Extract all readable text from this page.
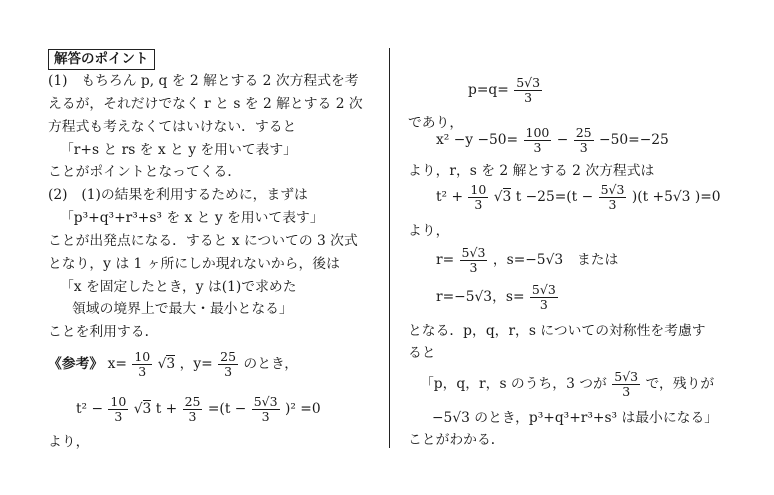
解答のポイント
(1)　もちろん p, q を 2 解とする 2 次方程式を考
えるが，それだけでなく r と s を 2 解とする 2 次
方程式も考えなくてはいけない．すると
「r+s と rs を x と y を用いて表す」
ことがポイントとなってくる．
(2)　(1)の結果を利用するために，まずは
「p³+q³+r³+s³ を x と y を用いて表す」
ことが出発点になる．すると x についての 3 次式
となり，y は 1 ヶ所にしか現れないから，後は
「x を固定したとき，y は(1)で求めた
領域の境界上で最大・最小となる」
ことを利用する．
《参考》 $x= \frac{10}{3} √3$ ，$y= \frac{25}{3}$ のとき，
$t^2 - \frac{10}{3} √3$ $t + \frac{25}{3} =(t - \frac{5√3}{3} )^2 =0$
より，
$p=q= \frac{5√3}{3}$
であり，
$x^2 -y -50= \frac{100}{3} - \frac{25}{3} -50=-25$
より，r，s を 2 解とする 2 次方程式は
$t^2 + \frac{10}{3} √3$ $t -25=(t - \frac{5√3}{3} )(t +5√3$ )=0
より，
$r= \frac{5√3}{3}$ ，s=−5√3　または
r=−5√3，$s= \frac{5√3}{3}$
となる．p，q，r，s についての対称性を考慮す
ると
「p，q，r，s のうち，3 つが $\frac{5√3}{3}$ で，残りが
−5√3 のとき，p³+q³+r³+s³ は最小になる」
ことがわかる．
